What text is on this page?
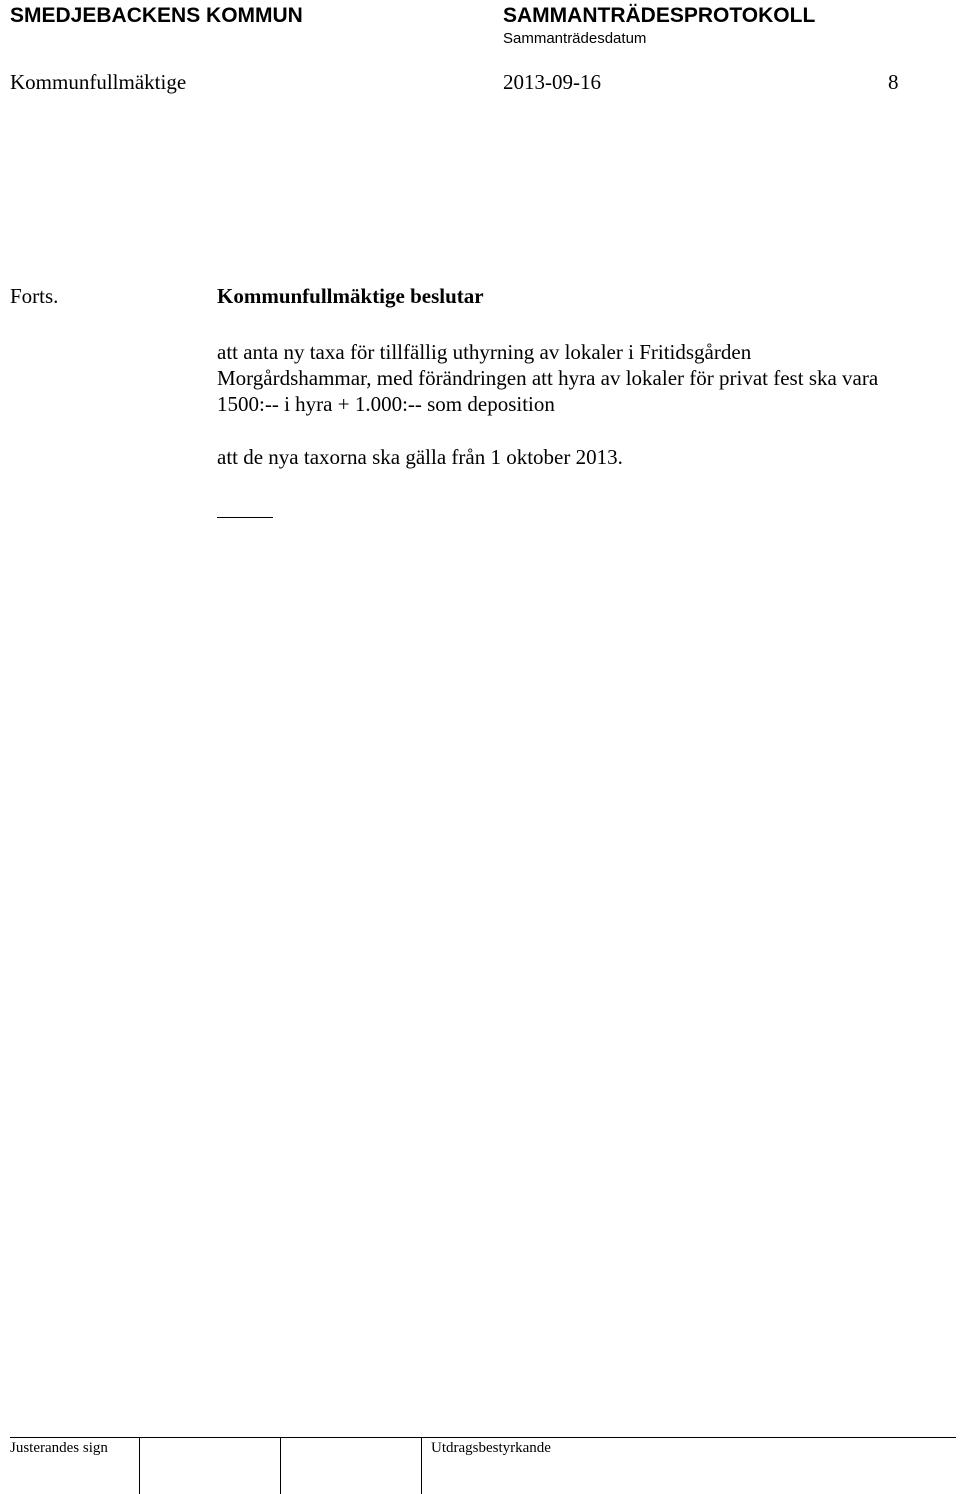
SMEDJEBACKENS KOMMUN	SAMMANTRÄDESPROTOKOLL
Sammanträdesdatum
Kommunfullmäktige	2013-09-16	8
Forts.	Kommunfullmäktige beslutar
att anta ny taxa för tillfällig uthyrning av lokaler i Fritidsgården
Morgårdshammar, med förändringen att hyra av lokaler för privat fest ska vara
1500:-- i hyra + 1.000:-- som deposition
att de nya taxorna ska gälla från 1 oktober 2013.
Justerandes sign	Utdragsbestyrkande
